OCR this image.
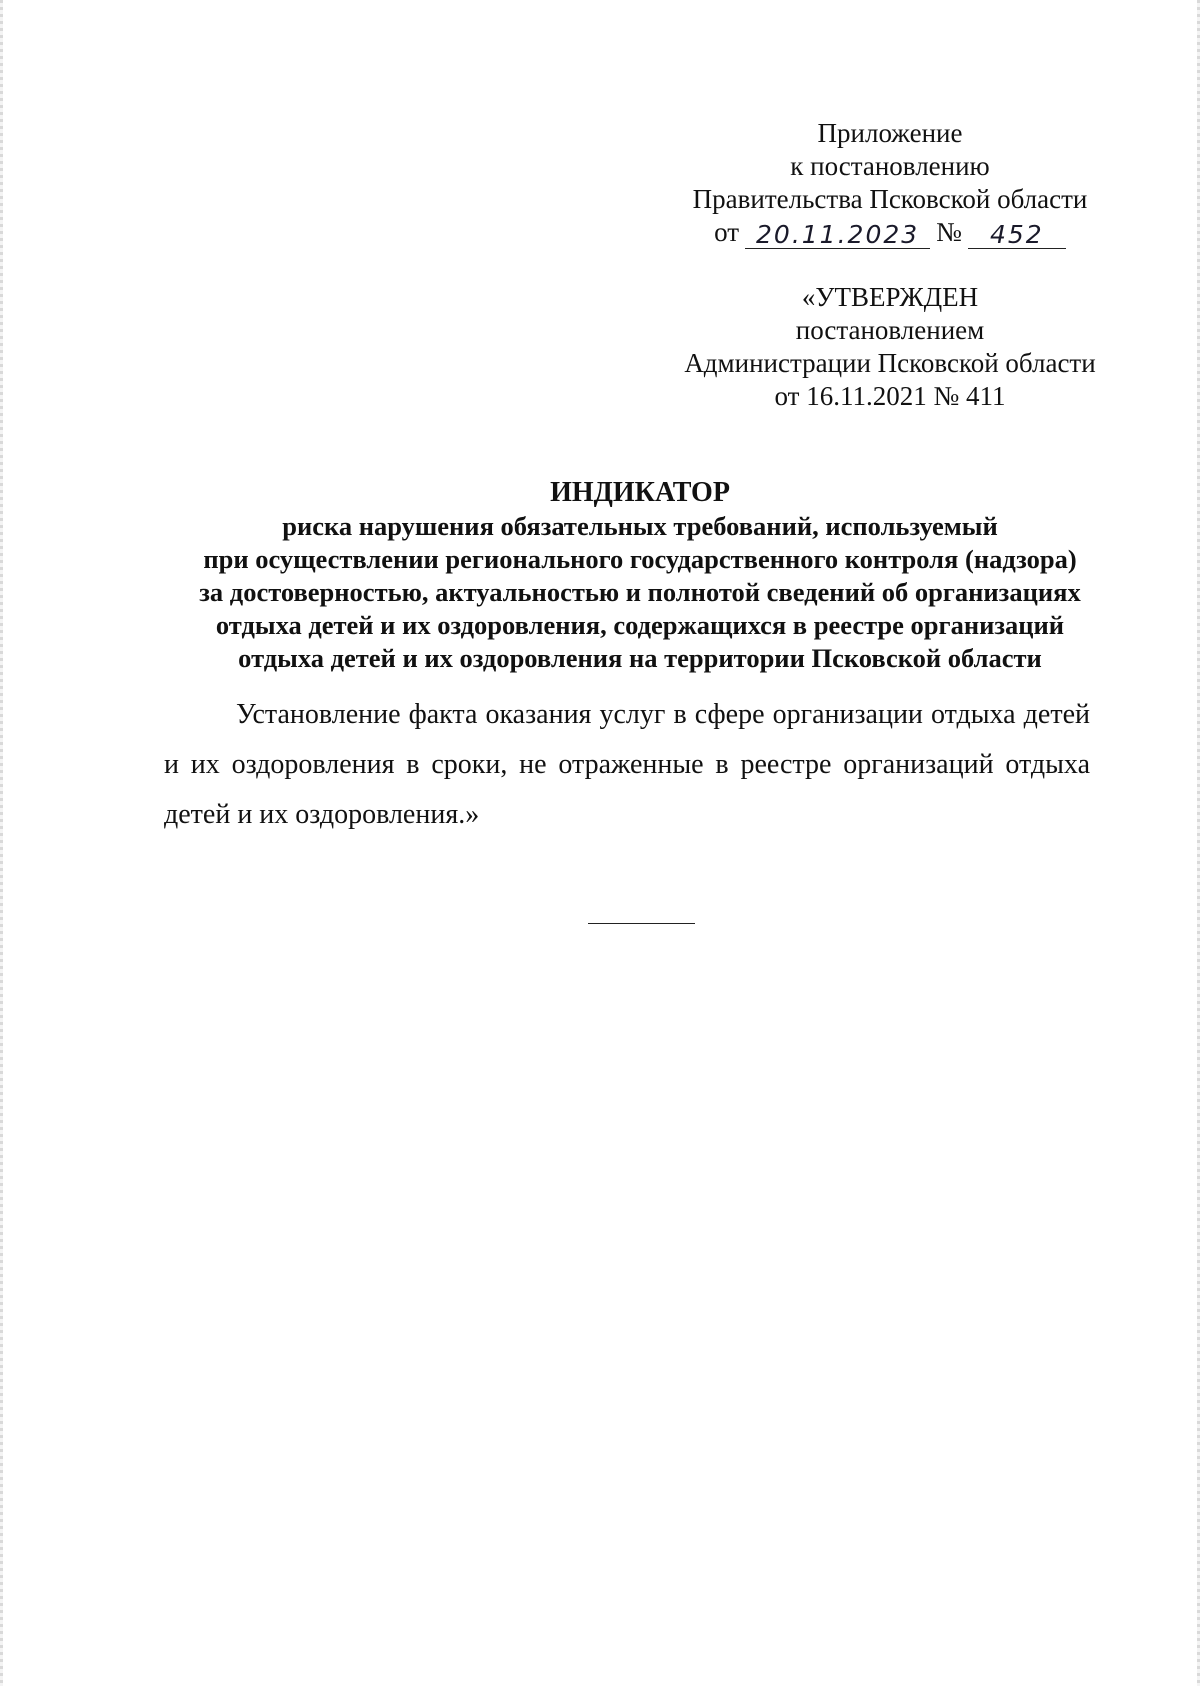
Приложение
к постановлению
Правительства Псковской области
от 20.11.2023 №	452
«УТВЕРЖДЕН
постановлением
Администрации Псковской области
от 16.11.2021 № 411
ИНДИКАТОР
риска нарушения обязательных требований, используемый
при осуществлении регионального государственного контроля (надзора)
за достоверностью, актуальностью и полнотой сведений об организациях
отдыха детей и их оздоровления, содержащихся в реестре организаций
отдыха детей и их оздоровления на территории Псковской области
Установление факта оказания услуг в сфере организации отдыха детей и их оздоровления в сроки, не отраженные в реестре организаций отдыха детей и их оздоровления.»
